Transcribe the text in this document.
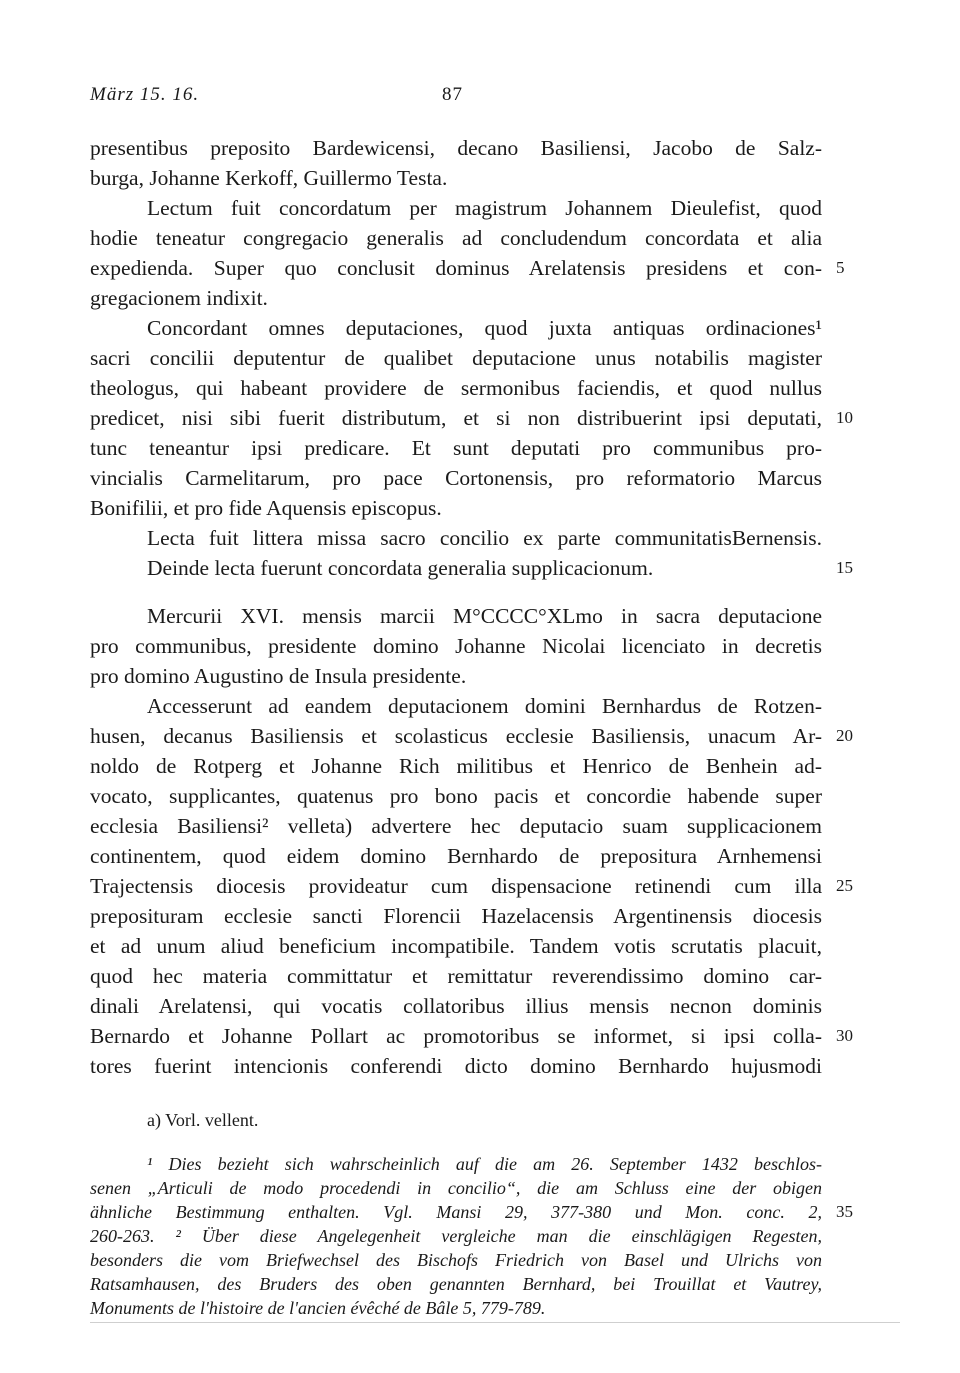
März 15. 16.	87
presentibus preposito Bardewicensi, decano Basiliensi, Jacobo de Salz-
burga, Johanne Kerkoff, Guillermo Testa.
Lectum fuit concordatum per magistrum Johannem Dieulefist, quod
hodie teneatur congregacio generalis ad concludendum concordata et alia
expedienda. Super quo conclusit dominus Arelatensis presidens et con-
gregacionem indixit.
Concordant omnes deputaciones, quod juxta antiquas ordinaciones¹
sacri concilii deputentur de qualibet deputacione unus notabilis magister
theologus, qui habeant providere de sermonibus faciendis, et quod nullus
predicet, nisi sibi fuerit distributum, et si non distribuerint ipsi deputati,
tunc teneantur ipsi predicare. Et sunt deputati pro communibus pro-
vincialis Carmelitarum, pro pace Cortonensis, pro reformatorio Marcus
Bonifilii, et pro fide Aquensis episcopus.
Lecta fuit littera missa sacro concilio ex parte communitatisBernensis.
Deinde lecta fuerunt concordata generalia supplicacionum.
Mercurii XVI. mensis marcii M°CCCC°XLmo in sacra deputacione
pro communibus, presidente domino Johanne Nicolai licenciato in decretis
pro domino Augustino de Insula presidente.
Accesserunt ad eandem deputacionem domini Bernhardus de Rotzen-
husen, decanus Basiliensis et scolasticus ecclesie Basiliensis, unacum Ar-
noldo de Rotperg et Johanne Rich militibus et Henrico de Benhein ad-
vocato, supplicantes, quatenus pro bono pacis et concordie habende super
ecclesia Basiliensi² velleta) advertere hec deputacio suam supplicacionem
continentem, quod eidem domino Bernhardo de prepositura Arnhemensi
Trajectensis diocesis provideatur cum dispensacione retinendi cum illa
preposituram ecclesie sancti Florencii Hazelacensis Argentinensis diocesis
et ad unum aliud beneficium incompatibile. Tandem votis scrutatis placuit,
quod hec materia committatur et remittatur reverendissimo domino car-
dinali Arelatensi, qui vocatis collatoribus illius mensis necnon dominis
Bernardo et Johanne Pollart ac promotoribus se informet, si ipsi colla-
tores fuerint intencionis conferendi dicto domino Bernhardo hujusmodi
5
10
15
20
25
30
a) Vorl. vellent.
¹ Dies bezieht sich wahrscheinlich auf die am 26. September 1432 beschlos-
senen „Articuli de modo procedendi in concilio“, die am Schluss eine der obigen
ähnliche Bestimmung enthalten. Vgl. Mansi 29, 377-380 und Mon. conc. 2,
260-263. ² Über diese Angelegenheit vergleiche man die einschlägigen Regesten,
besonders die vom Briefwechsel des Bischofs Friedrich von Basel und Ulrichs von
Ratsamhausen, des Bruders des oben genannten Bernhard, bei Trouillat et Vautrey,
Monuments de l'histoire de l'ancien évêché de Bâle 5, 779-789.
35
